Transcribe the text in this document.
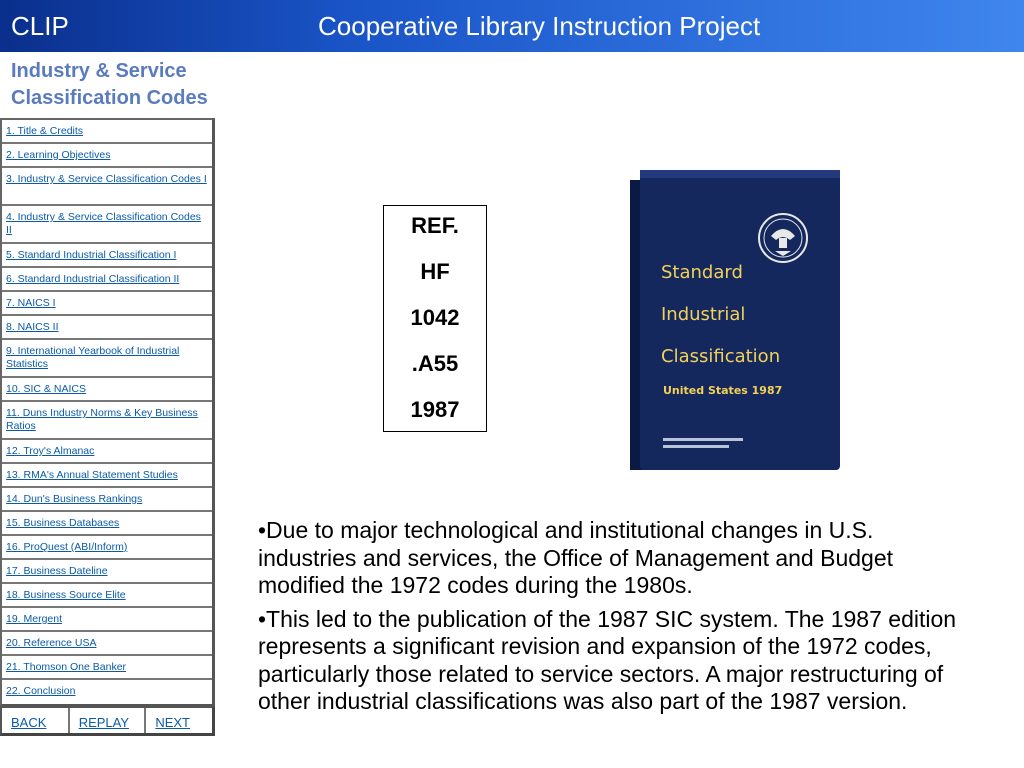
CLIP	Cooperative Library Instruction Project
Industry & Service Classification Codes
1. Title & Credits
2. Learning Objectives
3. Industry & Service Classification Codes I
4. Industry & Service Classification Codes II
5. Standard Industrial Classification I
6. Standard Industrial Classification II
7. NAICS I
8. NAICS II
9. International Yearbook of Industrial Statistics
10. SIC & NAICS
11. Duns Industry Norms & Key Business Ratios
12. Troy's Almanac
13. RMA's Annual Statement Studies
14. Dun's Business Rankings
15. Business Databases
16. ProQuest (ABI/Inform)
17. Business Dateline
18. Business Source Elite
19. Mergent
20. Reference USA
21. Thomson One Banker
22. Conclusion
BACK	REPLAY	NEXT
REF.
HF
1042
.A55
1987
Standard
Industrial
Classification
United States 1987

•Due to major technological and institutional changes in U.S. industries and services, the Office of Management and Budget modified the 1972 codes during the 1980s.

•This led to the publication of the 1987 SIC system. The 1987 edition represents a significant revision and expansion of the 1972 codes, particularly those related to service sectors. A major restructuring of other industrial classifications was also part of the 1987 version.
